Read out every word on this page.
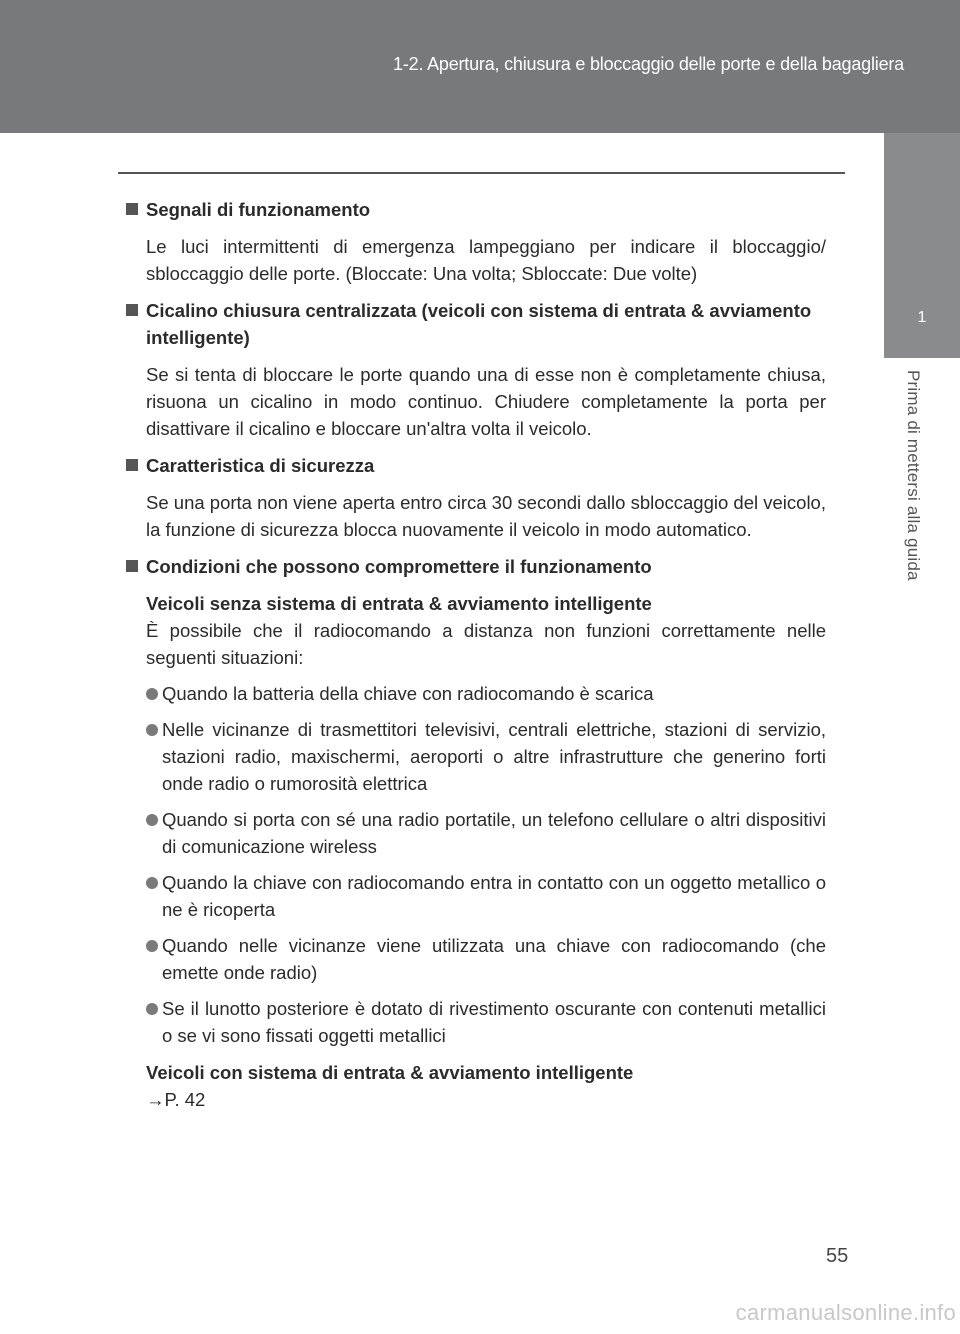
1-2. Apertura, chiusura e bloccaggio delle porte e della bagagliera
1
Prima di mettersi alla guida
Segnali di funzionamento
Le luci intermittenti di emergenza lampeggiano per indicare il bloccaggio/ sbloccaggio delle porte. (Bloccate: Una volta; Sbloccate: Due volte)
Cicalino chiusura centralizzata (veicoli con sistema di entrata & avviamento intelligente)
Se si tenta di bloccare le porte quando una di esse non è completamente chiusa, risuona un cicalino in modo continuo. Chiudere completamente la porta per disattivare il cicalino e bloccare un'altra volta il veicolo.
Caratteristica di sicurezza
Se una porta non viene aperta entro circa 30 secondi dallo sbloccaggio del veicolo, la funzione di sicurezza blocca nuovamente il veicolo in modo automatico.
Condizioni che possono compromettere il funzionamento
Veicoli senza sistema di entrata & avviamento intelligente
È possibile che il radiocomando a distanza non funzioni correttamente nelle seguenti situazioni:
Quando la batteria della chiave con radiocomando è scarica
Nelle vicinanze di trasmettitori televisivi, centrali elettriche, stazioni di servizio, stazioni radio, maxischermi, aeroporti o altre infrastrutture che generino forti onde radio o rumorosità elettrica
Quando si porta con sé una radio portatile, un telefono cellulare o altri dispositivi di comunicazione wireless
Quando la chiave con radiocomando entra in contatto con un oggetto metallico o ne è ricoperta
Quando nelle vicinanze viene utilizzata una chiave con radiocomando (che emette onde radio)
Se il lunotto posteriore è dotato di rivestimento oscurante con contenuti metallici o se vi sono fissati oggetti metallici
Veicoli con sistema di entrata & avviamento intelligente
→P. 42
55
carmanualsonline.info
